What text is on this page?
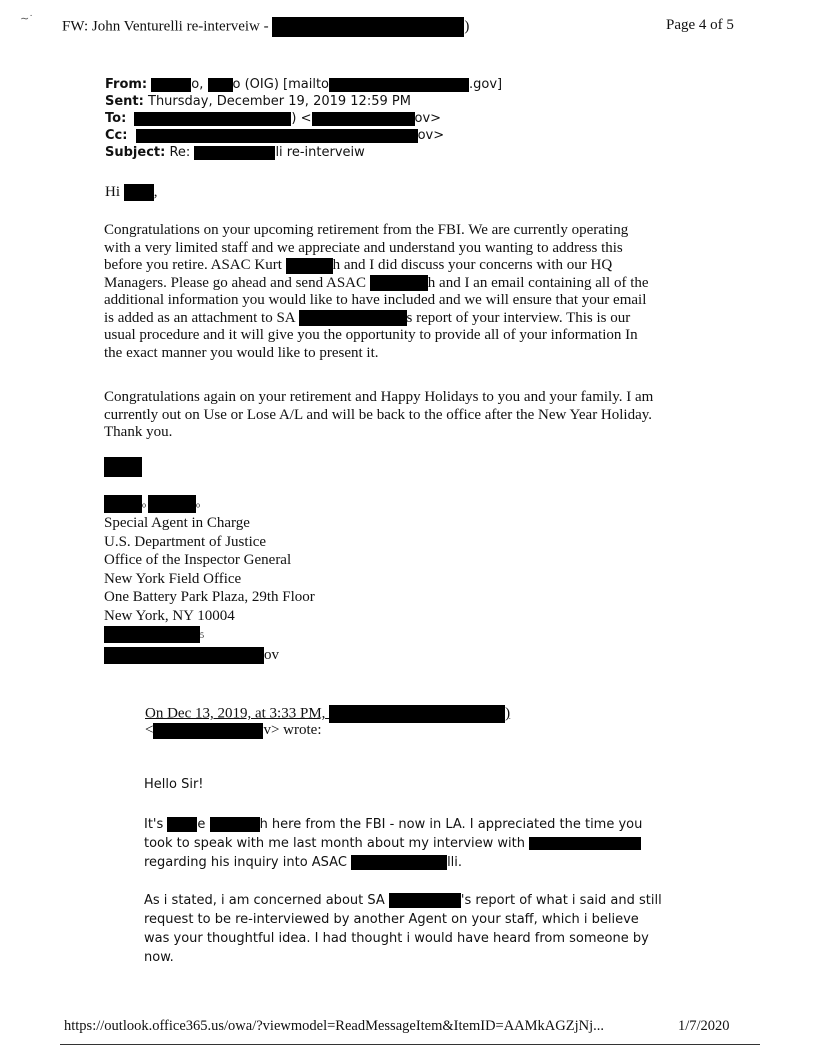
∼˙ FW: John Venturelli re-interveiw -	)	Page 4 of 5
From:	o, o (OIG) [mailto	.gov]
Sent: Thursday, December 19, 2019 12:59 PM
To:	) <	ov>
Cc:	ov>
Subject: Re:	li re-interveiw
Hi ,
Congratulations on your upcoming retirement from the FBI. We are currently operating
with a very limited staff and we appreciate and understand you wanting to address this
before you retire. ASAC Kurt	h and I did discuss your concerns with our HQ
Managers. Please go ahead and send ASAC	h and I an email containing all of the
additional information you would like to have included and we will ensure that your email
is added as an attachment to SA	s report of your interview. This is our
usual procedure and it will give you the opportunity to provide all of your information In
the exact manner you would like to present it.
Congratulations again on your retirement and Happy Holidays to you and your family. I am
currently out on Use or Lose A/L and will be back to the office after the New Year Holiday.
Thank you.
o	o
Special Agent in Charge
U.S. Department of Justice
Office of the Inspector General
New York Field Office
One Battery Park Plaza, 29th Floor
New York, NY 10004
5
ov
On Dec 13, 2019, at 3:33 PM,	)
<	v> wrote:
Hello Sir!
It's	e	h here from the FBI - now in LA. I appreciated the time you
took to speak with me last month about my interview with
regarding his inquiry into ASAC	lli.
As i stated, i am concerned about SA	's report of what i said and still
request to be re-interviewed by another Agent on your staff, which i believe
was your thoughtful idea. I had thought i would have heard from someone by
now.
https://outlook.office365.us/owa/?viewmodel=ReadMessageItem&ItemID=AAMkAGZjNj...	1/7/2020
